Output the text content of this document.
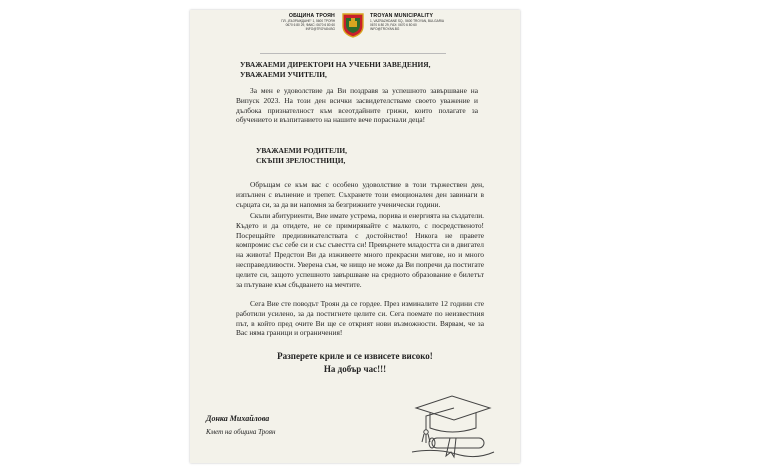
ОБЩИНА ТРОЯН
ПЛ. „ВЪЗРАЖДАНЕ“ 1, 5600 ТРОЯН
0670 6 80 29, ФАКС: 0670 6 80 60
INFO@TROYAN.BG
TROYAN MUNICIPALITY
1, VAZRAZHDANE SQ., 5600 TROYAN, BULGARIA
0670 6 80 29, FAX: 0670 6 80 60
INFO@TROYAN.BG
УВАЖАЕМИ ДИРЕКТОРИ НА УЧЕБНИ ЗАВЕДЕНИЯ,
УВАЖАЕМИ УЧИТЕЛИ,
За мен е удоволствие да Ви поздравя за успешното завършване на Випуск 2023. На този ден всички засвидетелстваме своето уважение и дълбока признателност към всеотдайните грижи, които полагате за обучението и възпитанието на нашите вече пораснали деца!
УВАЖАЕМИ РОДИТЕЛИ,
СКЪПИ ЗРЕЛОСТНИЦИ,
Обръщам се към вас с особено удоволствие в този тържествен ден, изпълнен с вълнение и трепет. Съхранете този емоционален ден завинаги в сърцата си, за да ви напомня за безгрижните ученически години.
Скъпи абитуриенти, Вие имате устрема, порива и енергията на създатели. Където и да отидете, не се примирявайте с малкото, с посредственото! Посрещайте предизвикателствата с достойнство! Никога не правете компромис със себе си и със съвестта си! Превърнете младостта си в двигател на живота! Предстои Ви да изживеете много прекрасни мигове, но и много несправедливости. Уверена съм, че нищо не може да Ви попречи да постигате целите си, защото успешното завършване на средното образование е билетът за пътуване към сбъдването на мечтите.
Сега Вие сте поводът Троян да се гордее. През изминалите 12 години сте работили усилено, за да постигнете целите си. Сега поемате по неизвестния път, в който пред очите Ви ще се открият нови възможности. Вярвам, че за Вас няма граници и ограничения!
Разперете криле и се извисете високо!
На добър час!!!
Донка Михайлова
Кмет на община Троян
